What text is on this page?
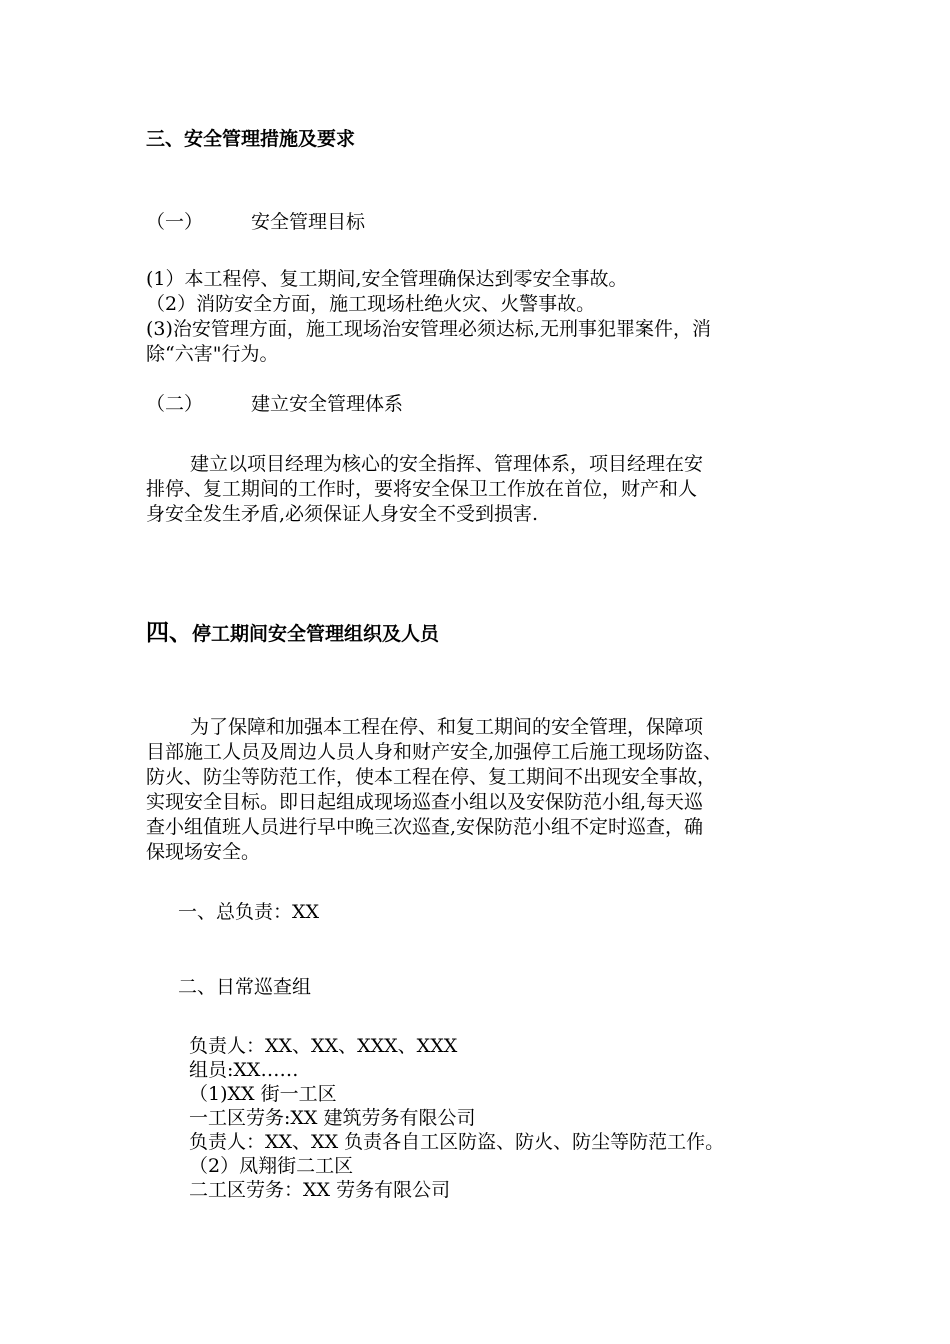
三、安全管理措施及要求
（一）	安全管理目标
(1）本工程停、复工期间,安全管理确保达到零安全事故。
（2）消防安全方面，施工现场杜绝火灾、火警事故。
(3)治安管理方面，施工现场治安管理必须达标,无刑事犯罪案件，消
除“六害"行为。
（二）	建立安全管理体系
建立以项目经理为核心的安全指挥、管理体系，项目经理在安
排停、复工期间的工作时，要将安全保卫工作放在首位，财产和人
身安全发生矛盾,必须保证人身安全不受到损害.
四、停工期间安全管理组织及人员
为了保障和加强本工程在停、和复工期间的安全管理，保障项
目部施工人员及周边人员人身和财产安全,加强停工后施工现场防盗、
防火、防尘等防范工作，使本工程在停、复工期间不出现安全事故，
实现安全目标。即日起组成现场巡查小组以及安保防范小组,每天巡
查小组值班人员进行早中晚三次巡查,安保防范小组不定时巡查，确
保现场安全。
一、总负责：XX
二、日常巡查组
负责人：XX、XX、XXX、XXX
组员:XX……
（1)XX 街一工区
一工区劳务:XX 建筑劳务有限公司
负责人：XX、XX 负责各自工区防盗、防火、防尘等防范工作。
（2）凤翔街二工区
二工区劳务：XX 劳务有限公司
